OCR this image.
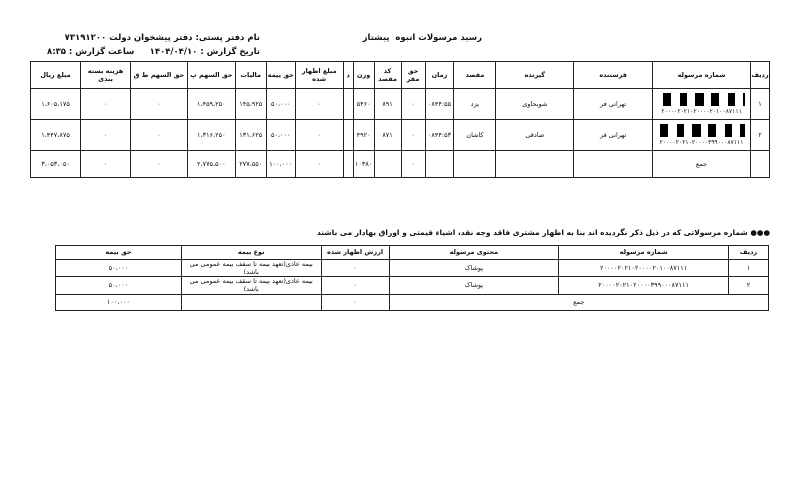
رسید مرسولات انبوه  پیشتاز
نام دفتر پستی: دفتر پیشخوان دولت ۷۳۱۹۱۲۰۰
تاریخ گزارش : ۱۴۰۴/۰۴/۱۰
ساعت گزارش : ۸:۳۵
ردیف	شماره مرسوله	فرستنده	گیرنده	مقصد	زمان	حق مقر	کد مقصد	وزن	د	مبلغ اظهار شده	حق بیمه	مالیات	حق السهم پ	حق السهم ط ق	هزینه بسته بندی	مبلغ ریال
۱	۲۰۰۰۰۲۰۲۱۰۲۰۰۰۰۲۰۱۰۰۸۷۱۱۱	تهرانی فر	شوبحاوی	یزد	۰۸۴۴:۵۵	۰	۸۹۱	۵۴۶۰		۰	۵۰،۰۰۰	۱۴۵،۹۲۵	۱،۴۵۹،۲۵۰	۰	۰	۱،۶۰۵،۱۷۵
۲	۲۰۰۰۰۲۰۲۱۰۲۰۰۰۰۳۹۹۰۰۰۸۷۱۱۱	تهرانی فر	صادقی	کاشان	۰۸۴۴:۵۳	۰	۸۷۱	۴۹۲۰		۰	۵۰،۰۰۰	۱۳۱،۶۲۵	۱،۳۱۶،۲۵۰	۰	۰	۱،۴۴۷،۸۷۵
	جمع					۰		۱۰۳۸۰		۰	۱۰۰،۰۰۰	۲۷۷،۵۵۰	۲،۷۷۵،۵۰۰	۰	۰	۳،۰۵۳،۰۵۰
●●● شماره مرسولاتی که در ذیل ذکر نگردیده اند بنا به اظهار مشتری فاقد وجه نقد، اشیاء قیمتی و اوراق بهادار می باشند
ردیف	شماره مرسوله	محتوی مرسوله	ارزش اظهار شده	نوع بیمه	حق بیمه
۱	۲۰۰۰۰۲۰۲۱۰۲۰۰۰۰۲۰۱۰۰۸۷۱۱۱	پوشاک	۰	بیمه عادی(تعهد بیمه تا سقف بیمه عمومی می باشد)	۵۰،۰۰۰
۲	۲۰۰۰۰۲۰۲۱۰۲۰۰۰۰۳۹۹۰۰۰۸۷۱۱۱	پوشاک	۰	بیمه عادی(تعهد بیمه تا سقف بیمه عمومی می باشد)	۵۰،۰۰۰
جمع			۰		۱۰۰،۰۰۰
